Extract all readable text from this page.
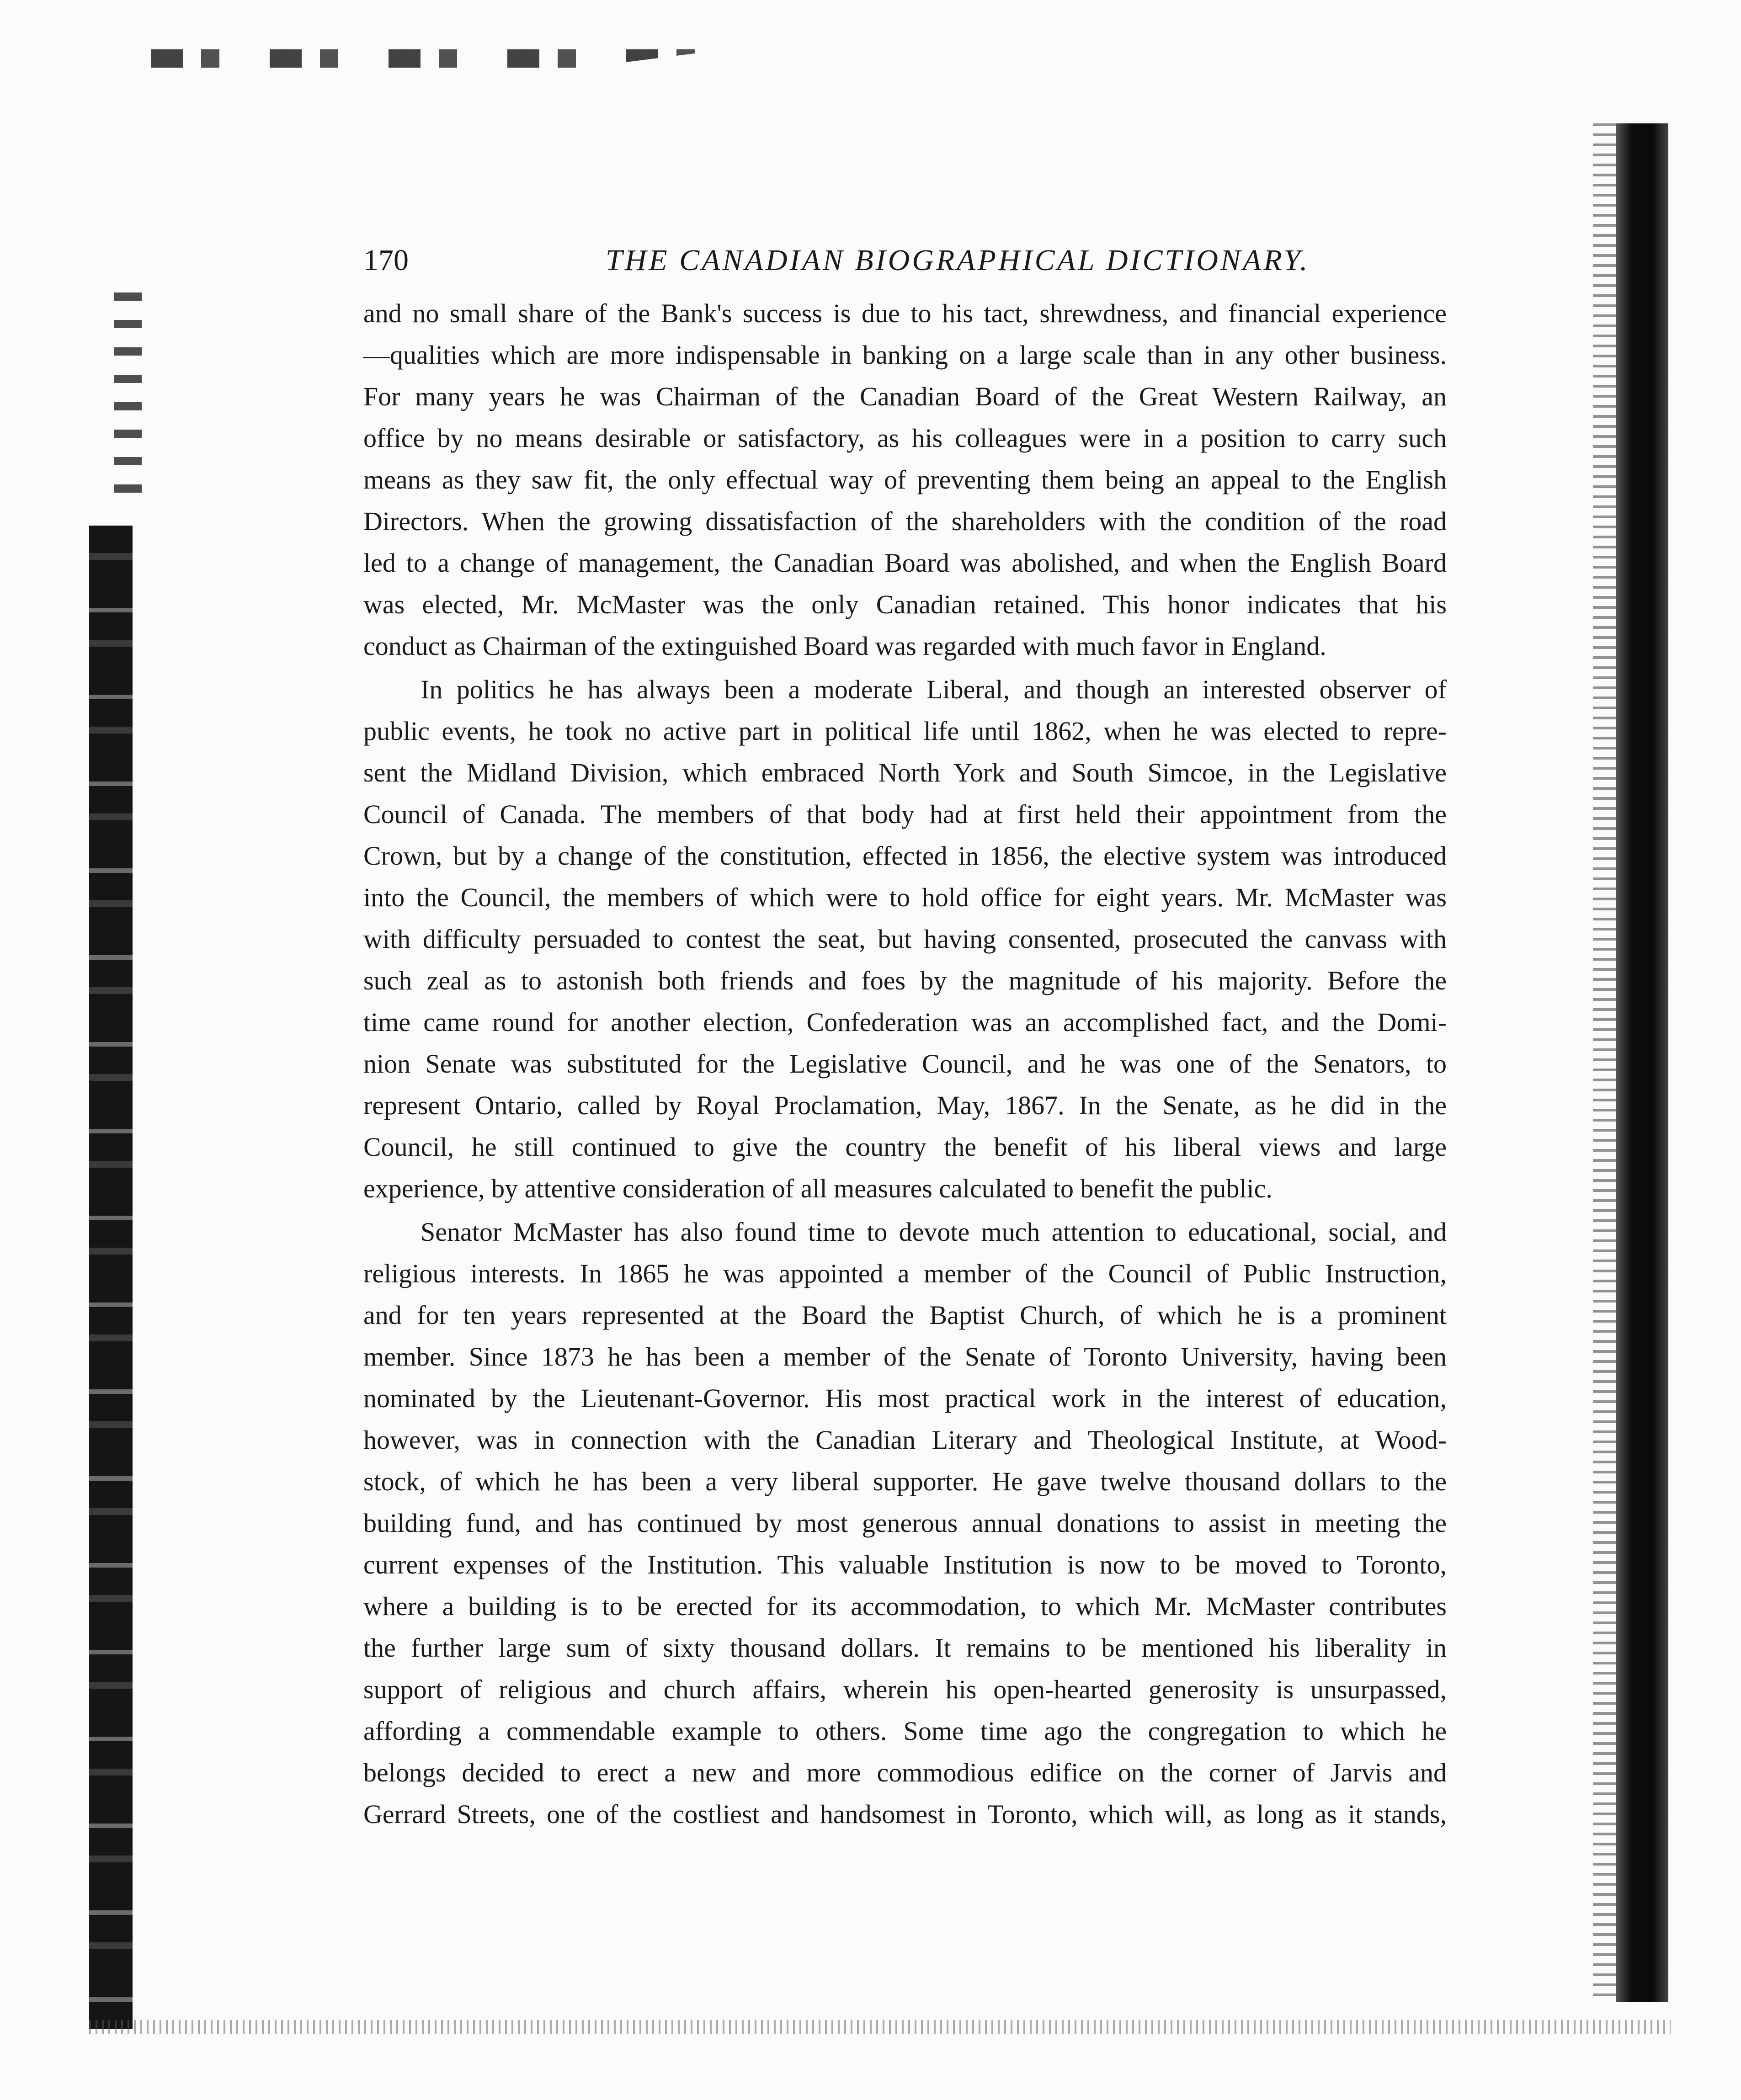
170	THE CANADIAN BIOGRAPHICAL DICTIONARY.
and no small share of the Bank's success is due to his tact, shrewdness, and financial experience
—qualities which are more indispensable in banking on a large scale than in any other business.
For many years he was Chairman of the Canadian Board of the Great Western Railway, an
office by no means desirable or satisfactory, as his colleagues were in a position to carry such
means as they saw fit, the only effectual way of preventing them being an appeal to the English
Directors. When the growing dissatisfaction of the shareholders with the condition of the road
led to a change of management, the Canadian Board was abolished, and when the English Board
was elected, Mr. McMaster was the only Canadian retained. This honor indicates that his
conduct as Chairman of the extinguished Board was regarded with much favor in England.
In politics he has always been a moderate Liberal, and though an interested observer of
public events, he took no active part in political life until 1862, when he was elected to repre-
sent the Midland Division, which embraced North York and South Simcoe, in the Legislative
Council of Canada. The members of that body had at first held their appointment from the
Crown, but by a change of the constitution, effected in 1856, the elective system was introduced
into the Council, the members of which were to hold office for eight years. Mr. McMaster was
with difficulty persuaded to contest the seat, but having consented, prosecuted the canvass with
such zeal as to astonish both friends and foes by the magnitude of his majority. Before the
time came round for another election, Confederation was an accomplished fact, and the Domi-
nion Senate was substituted for the Legislative Council, and he was one of the Senators, to
represent Ontario, called by Royal Proclamation, May, 1867. In the Senate, as he did in the
Council, he still continued to give the country the benefit of his liberal views and large
experience, by attentive consideration of all measures calculated to benefit the public.
Senator McMaster has also found time to devote much attention to educational, social, and
religious interests. In 1865 he was appointed a member of the Council of Public Instruction,
and for ten years represented at the Board the Baptist Church, of which he is a prominent
member. Since 1873 he has been a member of the Senate of Toronto University, having been
nominated by the Lieutenant-Governor. His most practical work in the interest of education,
however, was in connection with the Canadian Literary and Theological Institute, at Wood-
stock, of which he has been a very liberal supporter. He gave twelve thousand dollars to the
building fund, and has continued by most generous annual donations to assist in meeting the
current expenses of the Institution. This valuable Institution is now to be moved to Toronto,
where a building is to be erected for its accommodation, to which Mr. McMaster contributes
the further large sum of sixty thousand dollars. It remains to be mentioned his liberality in
support of religious and church affairs, wherein his open-hearted generosity is unsurpassed,
affording a commendable example to others. Some time ago the congregation to which he
belongs decided to erect a new and more commodious edifice on the corner of Jarvis and
Gerrard Streets, one of the costliest and handsomest in Toronto, which will, as long as it stands,
